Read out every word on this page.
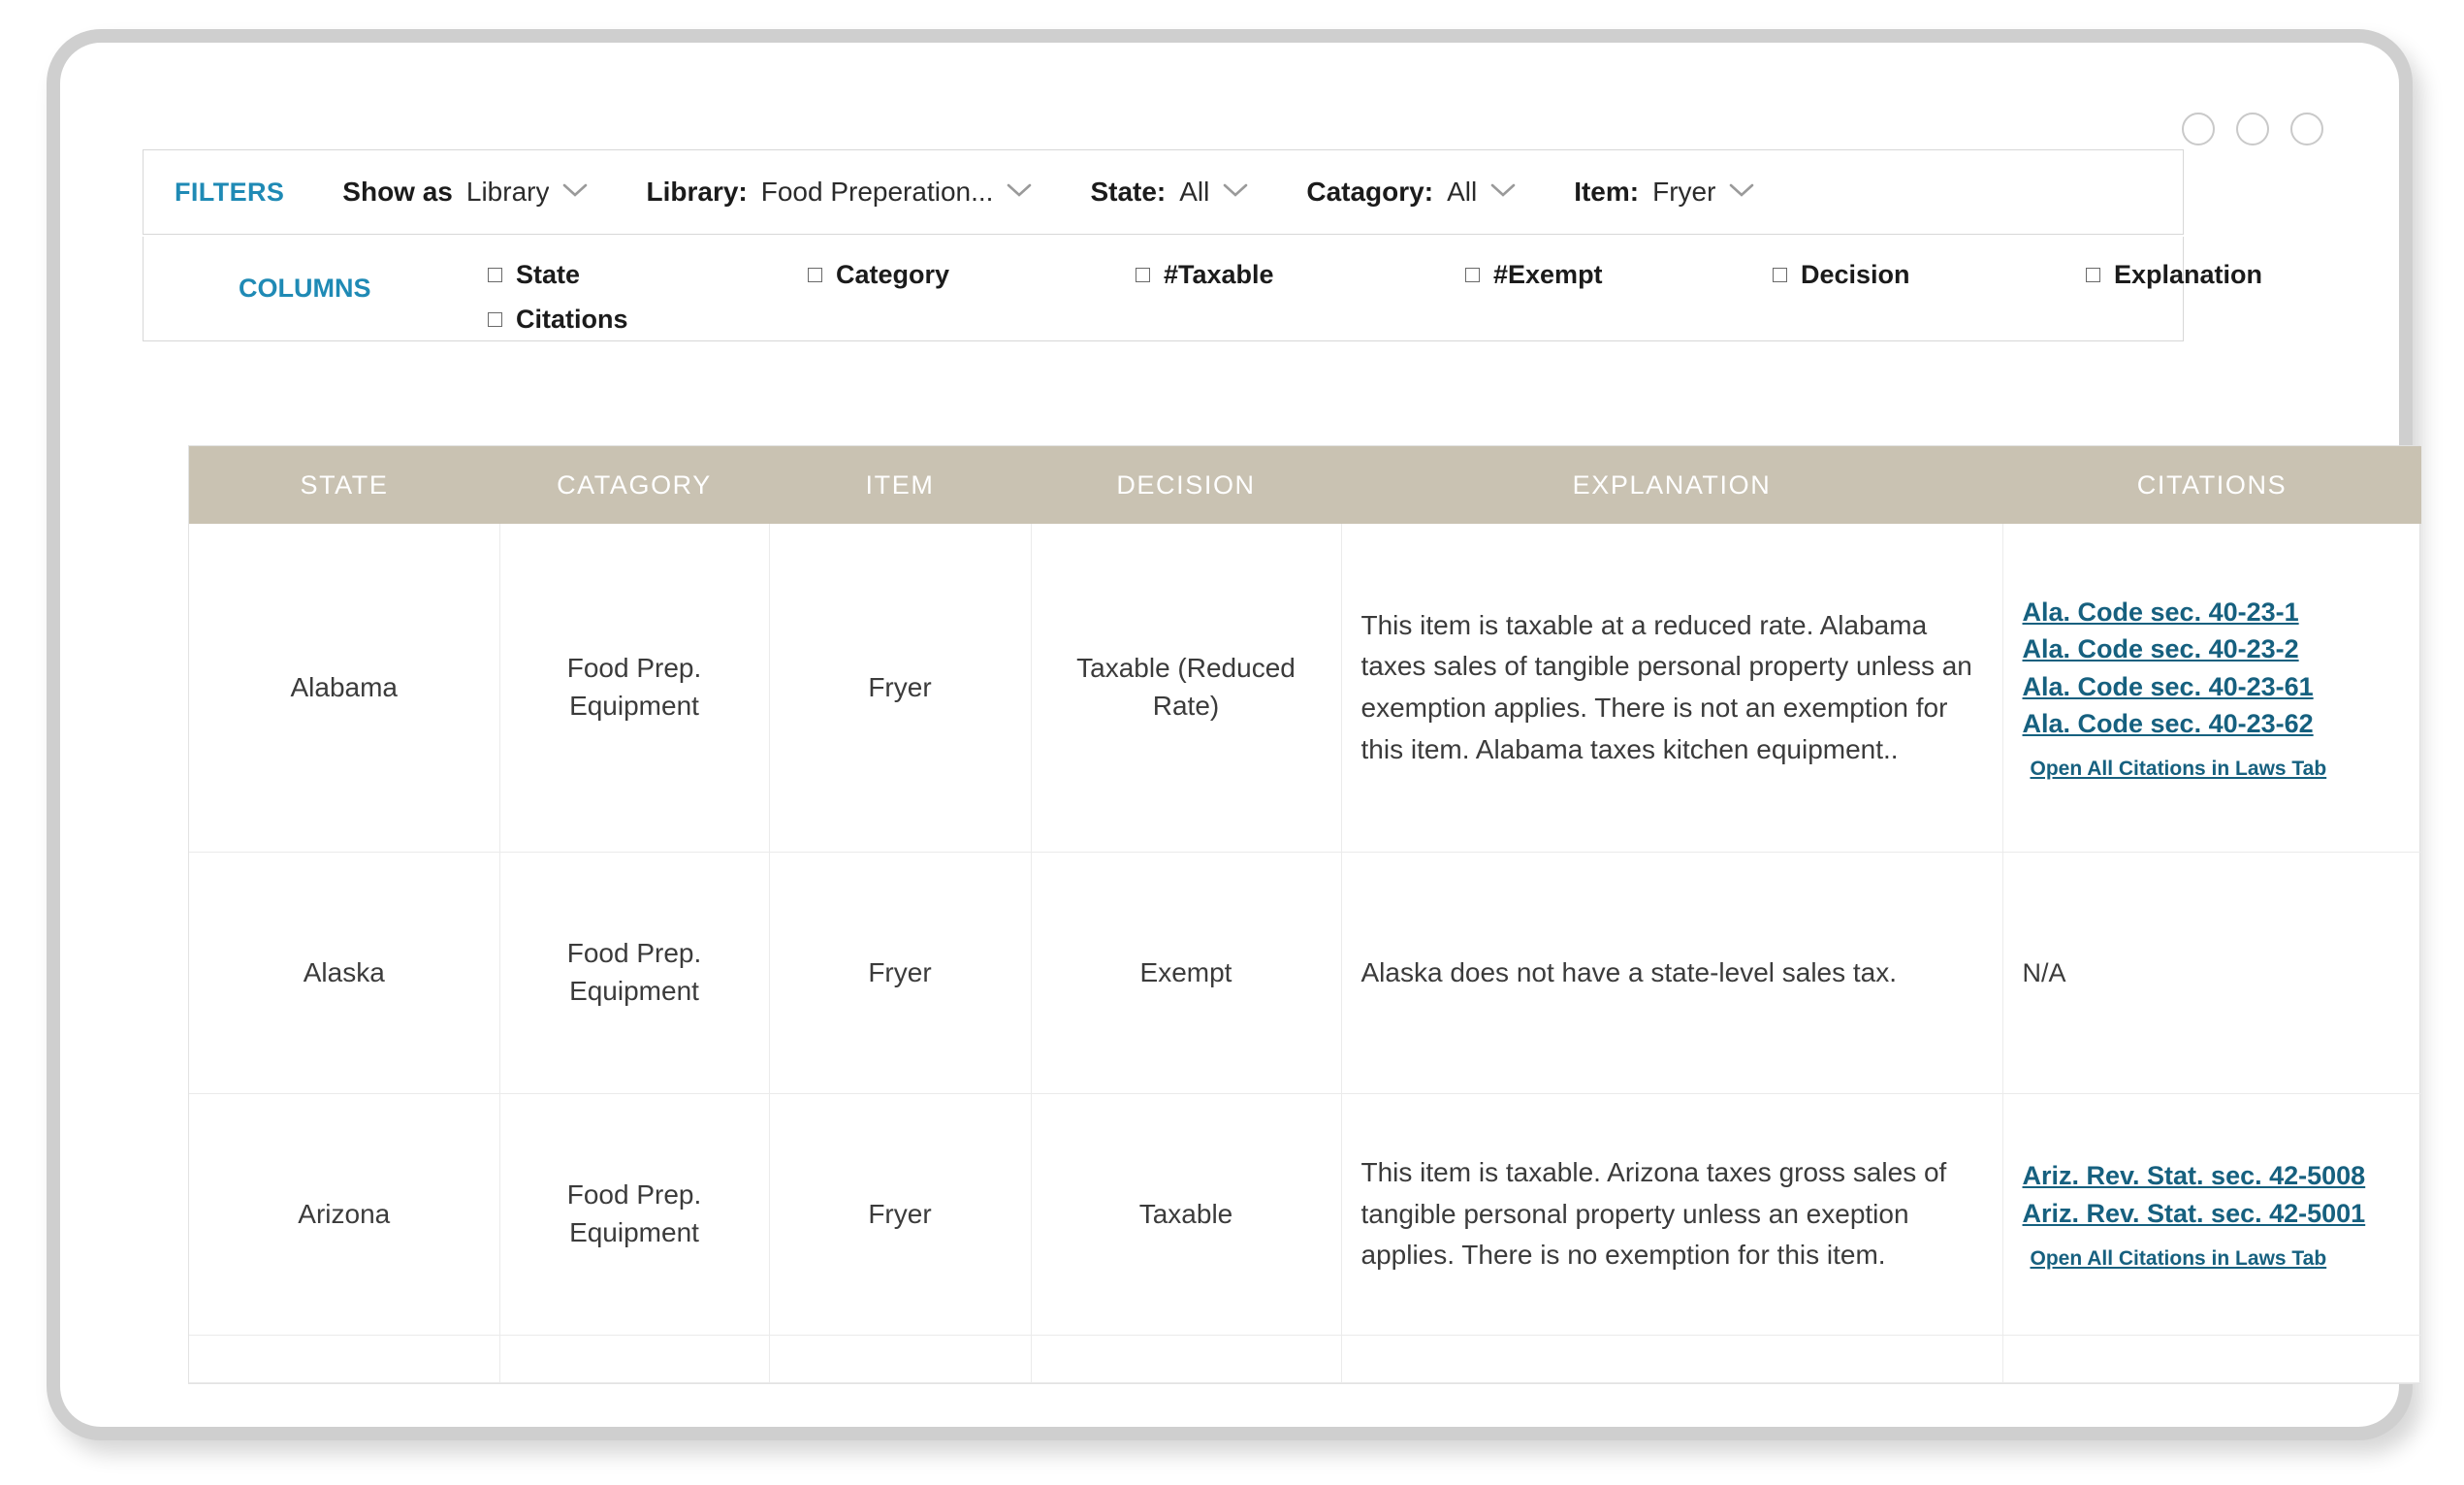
FILTERS Show as Library	Library: Food Preperation...	State: All	Catagory: All	Item: Fryer
COLUMNS	State	Category	#Taxable	#Exempt	Decision	Explanation
Citations
STATE	CATAGORY	ITEM	DECISION	EXPLANATION	CITATIONS
Alabama	Food Prep. Equipment	Fryer	Taxable (Reduced Rate)	This item is taxable at a reduced rate. Alabama taxes sales of tangible personal property unless an exemption applies. There is not an exemption for this item. Alabama taxes kitchen equipment..	Ala. Code sec. 40-23-1
Ala. Code sec. 40-23-2
Ala. Code sec. 40-23-61
Ala. Code sec. 40-23-62
Open All Citations in Laws Tab
Alaska	Food Prep. Equipment	Fryer	Exempt	Alaska does not have a state-level sales tax.	N/A
Arizona	Food Prep. Equipment	Fryer	Taxable	This item is taxable. Arizona taxes gross sales of tangible personal property unless an exeption applies. There is no exemption for this item.	Ariz. Rev. Stat. sec. 42-5008
Ariz. Rev. Stat. sec. 42-5001
Open All Citations in Laws Tab
